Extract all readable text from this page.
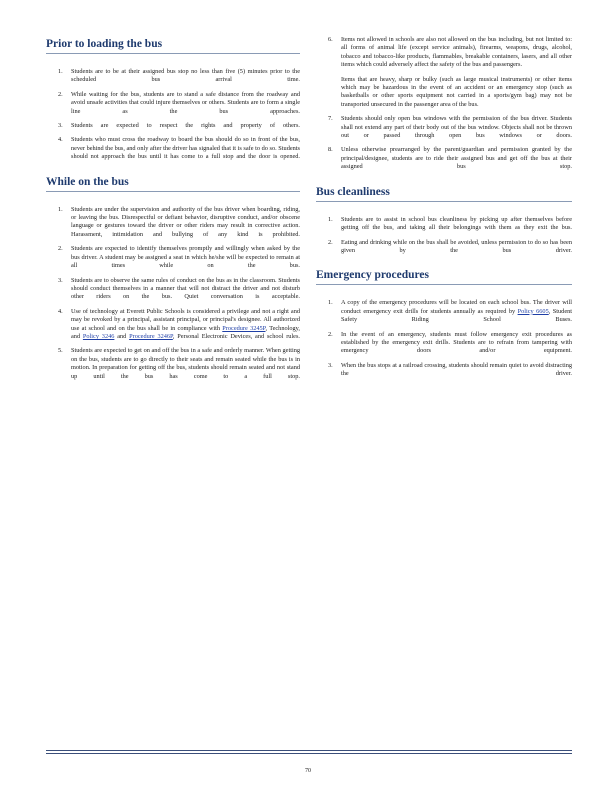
Prior to loading the bus
1. Students are to be at their assigned bus stop no less than five (5) minutes prior to the scheduled bus arrival time.
2. While waiting for the bus, students are to stand a safe distance from the roadway and avoid unsafe activities that could injure themselves or others. Students are to form a single line as the bus approaches.
3. Students are expected to respect the rights and property of others.
4. Students who must cross the roadway to board the bus should do so in front of the bus, never behind the bus, and only after the driver has signaled that it is safe to do so. Students should not approach the bus until it has come to a full stop and the door is opened.
While on the bus
1. Students are under the supervision and authority of the bus driver when boarding, riding, or leaving the bus. Disrespectful or defiant behavior, disruptive conduct, and/or obscene language or gestures toward the driver or other riders may result in corrective action. Harassment, intimidation and bullying of any kind is prohibited.
2. Students are expected to identify themselves promptly and willingly when asked by the bus driver. A student may be assigned a seat in which he/she will be expected to remain at all times while on the bus.
3. Students are to observe the same rules of conduct on the bus as in the classroom. Students should conduct themselves in a manner that will not distract the driver and not disturb other riders on the bus. Quiet conversation is acceptable.
4. Use of technology at Everett Public Schools is considered a privilege and not a right and may be revoked by a principal, assistant principal, or principal's designee. All authorized use at school and on the bus shall be in compliance with Procedure 3245P, Technology, and Policy 3246 and Procedure 3246P, Personal Electronic Devices, and school rules.
5. Students are expected to get on and off the bus in a safe and orderly manner. When getting on the bus, students are to go directly to their seats and remain seated while the bus is in motion. In preparation for getting off the bus, students should remain seated and not stand up until the bus has come to a full stop.
6. Items not allowed in schools are also not allowed on the bus including, but not limited to: all forms of animal life (except service animals), firearms, weapons, drugs, alcohol, tobacco and tobacco-like products, flammables, breakable containers, lasers, and all other items which could adversely affect the safety of the bus and passengers.
Items that are heavy, sharp or bulky (such as large musical instruments) or other items which may be hazardous in the event of an accident or an emergency stop (such as basketballs or other sports equipment not carried in a sports/gym bag) may not be transported unsecured in the passenger area of the bus.
7. Students should only open bus windows with the permission of the bus driver. Students shall not extend any part of their body out of the bus window. Objects shall not be thrown out or passed through open bus windows or doors.
8. Unless otherwise prearranged by the parent/guardian and permission granted by the principal/designee, students are to ride their assigned bus and get off the bus at their assigned bus stop.
Bus cleanliness
1. Students are to assist in school bus cleanliness by picking up after themselves before getting off the bus, and taking all their belongings with them as they exit the bus.
2. Eating and drinking while on the bus shall be avoided, unless permission to do so has been given by the bus driver.
Emergency procedures
1. A copy of the emergency procedures will be located on each school bus. The driver will conduct emergency exit drills for students annually as required by Policy 6605, Student Safety Riding School Buses.
2. In the event of an emergency, students must follow emergency exit procedures as established by the emergency exit drills. Students are to refrain from tampering with emergency doors and/or equipment.
3. When the bus stops at a railroad crossing, students should remain quiet to avoid distracting the driver.
70
